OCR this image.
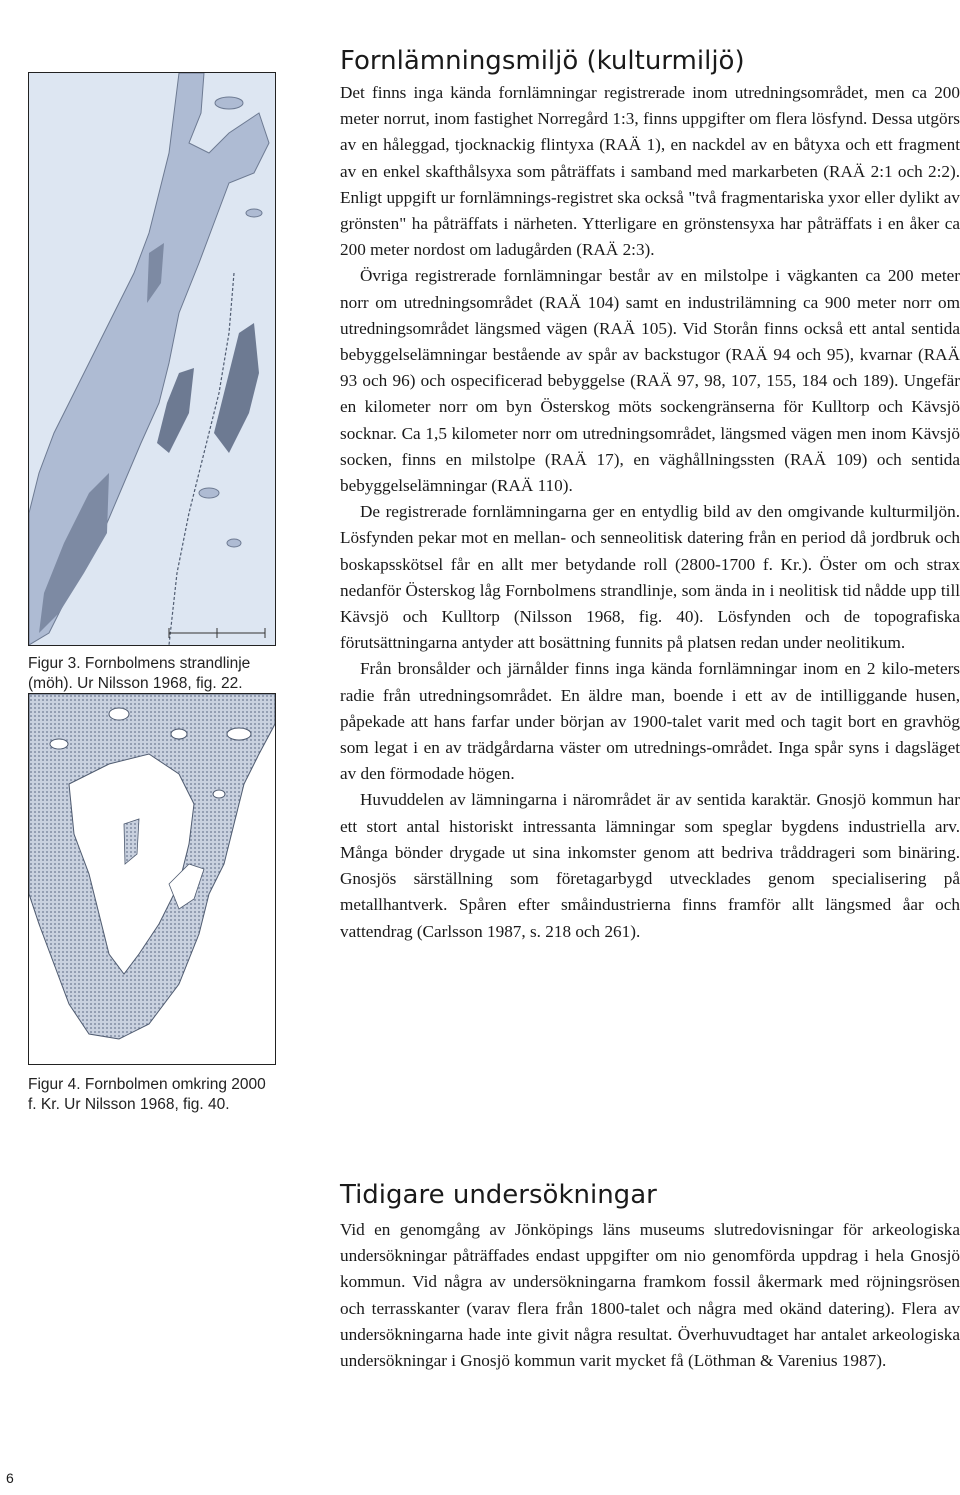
Figur 3. Fornbolmens strandlinje (möh). Ur Nilsson 1968, fig. 22.
Figur 4. Fornbolmen omkring 2000 f. Kr. Ur Nilsson 1968, fig. 40.
Fornlämningsmiljö (kulturmiljö)

Det finns inga kända fornlämningar registrerade inom utredningsområdet, men ca 200 meter norrut, inom fastighet Norregård 1:3, finns uppgifter om flera lösfynd. Dessa utgörs av en håleggad, tjocknackig flintyxa (RAÄ 1), en nackdel av en båtyxa och ett fragment av en enkel skafthålsyxa som påträffats i samband med markarbeten (RAÄ 2:1 och 2:2). Enligt uppgift ur fornlämnings-registret ska också "två fragmentariska yxor eller dylikt av grönsten" ha påträffats i närheten. Ytterligare en grönstensyxa har påträffats i en åker ca 200 meter nordost om ladugården (RAÄ 2:3).

Övriga registrerade fornlämningar består av en milstolpe i vägkanten ca 200 meter norr om utredningsområdet (RAÄ 104) samt en industrilämning ca 900 meter norr om utredningsområdet längsmed vägen (RAÄ 105). Vid Storån finns också ett antal sentida bebyggelselämningar bestående av spår av backstugor (RAÄ 94 och 95), kvarnar (RAÄ 93 och 96) och ospecificerad bebyggelse (RAÄ 97, 98, 107, 155, 184 och 189). Ungefär en kilometer norr om byn Österskog möts sockengränserna för Kulltorp och Kävsjö socknar. Ca 1,5 kilometer norr om utredningsområdet, längsmed vägen men inom Kävsjö socken, finns en milstolpe (RAÄ 17), en väghållningssten (RAÄ 109) och sentida bebyggelselämningar (RAÄ 110).

De registrerade fornlämningarna ger en entydlig bild av den omgivande kulturmiljön. Lösfynden pekar mot en mellan- och senneolitisk datering från en period då jordbruk och boskapsskötsel får en allt mer betydande roll (2800-1700 f. Kr.). Öster om och strax nedanför Österskog låg Fornbolmens strandlinje, som ända in i neolitisk tid nådde upp till Kävsjö och Kulltorp (Nilsson 1968, fig. 40). Lösfynden och de topografiska förutsättningarna antyder att bosättning funnits på platsen redan under neolitikum.

Från bronsålder och järnålder finns inga kända fornlämningar inom en 2 kilo-meters radie från utredningsområdet. En äldre man, boende i ett av de intilliggande husen, påpekade att hans farfar under början av 1900-talet varit med och tagit bort en gravhög som legat i en av trädgårdarna väster om utrednings-området. Inga spår syns i dagsläget av den förmodade högen.

Huvuddelen av lämningarna i närområdet är av sentida karaktär. Gnosjö kommun har ett stort antal historiskt intressanta lämningar som speglar bygdens industriella arv. Många bönder drygade ut sina inkomster genom att bedriva tråddrageri som binäring. Gnosjös särställning som företagarbygd utvecklades genom specialisering på metallhantverk. Spåren efter småindustrierna finns framför allt längsmed åar och vattendrag (Carlsson 1987, s. 218 och 261).

Tidigare undersökningar

Vid en genomgång av Jönköpings läns museums slutredovisningar för arkeologiska undersökningar påträffades endast uppgifter om nio genomförda uppdrag i hela Gnosjö kommun. Vid några av undersökningarna framkom fossil åkermark med röjningsrösen och terrasskanter (varav flera från 1800-talet och några med okänd datering). Flera av undersökningarna hade inte givit några resultat. Överhuvudtaget har antalet arkeologiska undersökningar i Gnosjö kommun varit mycket få (Löthman & Varenius 1987).

6
